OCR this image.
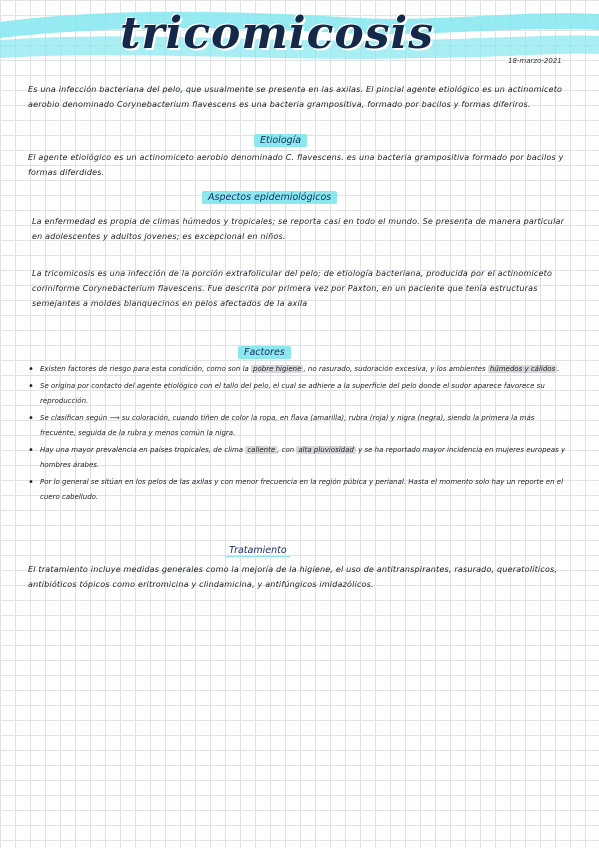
tricomicosis
18-marzo-2021
Es una infección bacteriana del pelo, que usualmente se presenta en las axilas. El pincial agente etiológico es un actinomiceto aerobio denominado Corynebacterium flavescens es una bacteria grampositiva, formado por bacilos y formas diferiros.
Etiología
El agente etiológico es un actinomiceto aerobio denominado C. flavescens. es una bacteria grampositiva formado por bacilos y formas diferdides.
Aspectos epidemiológicos
La enfermedad es propia de climas húmedos y tropicales; se reporta casi en todo el mundo. Se presenta de manera particular en adolescentes y adultos jovenes; es excepcional en niños.
La tricomicosis es una infección de la porción extrafolicular del pelo; de etiología bacteriana, producida por el actinomiceto coriniforme Corynebacterium flavescens. Fue descrita por primera vez por Paxton, en un paciente que tenía estructuras semejantes a moldes blanquecinos en pelos afectados de la axila
Factores
• Existen factores de riesgo para esta condición, como son la pobre higiene , no rasurado, sudoración excesiva, y los ambientes húmedos y cálidos .
• Se origina por contacto del agente etiológico con el tallo del pelo, el cual se adhiere a la superficie del pelo donde el sudor aparece favorece su reproducción.
• Se clasifican según ⟶ su coloración, cuando tiñen de color la ropa, en flava (amarilla), rubra (roja) y nigra (negra), siendo la primera la más frecuente, seguida de la rubra y menos común la nigra.
• Hay una mayor prevalencia en países tropicales, de clima caliente , con alta pluviosidad y se ha reportado mayor incidencia en mujeres europeas y hombres árabes.
• Por lo general se sitúan en los pelos de las axilas y con menor frecuencia en la región púbica y perianal. Hasta el momento solo hay un reporte en el cuero cabelludo.
Tratamiento
El tratamiento incluye medidas generales como la mejoría de la higiene, el uso de antitranspirantes, rasurado, queratolíticos, antibióticos tópicos como eritromicina y clindamicina, y antifúngicos imidazólicos.
